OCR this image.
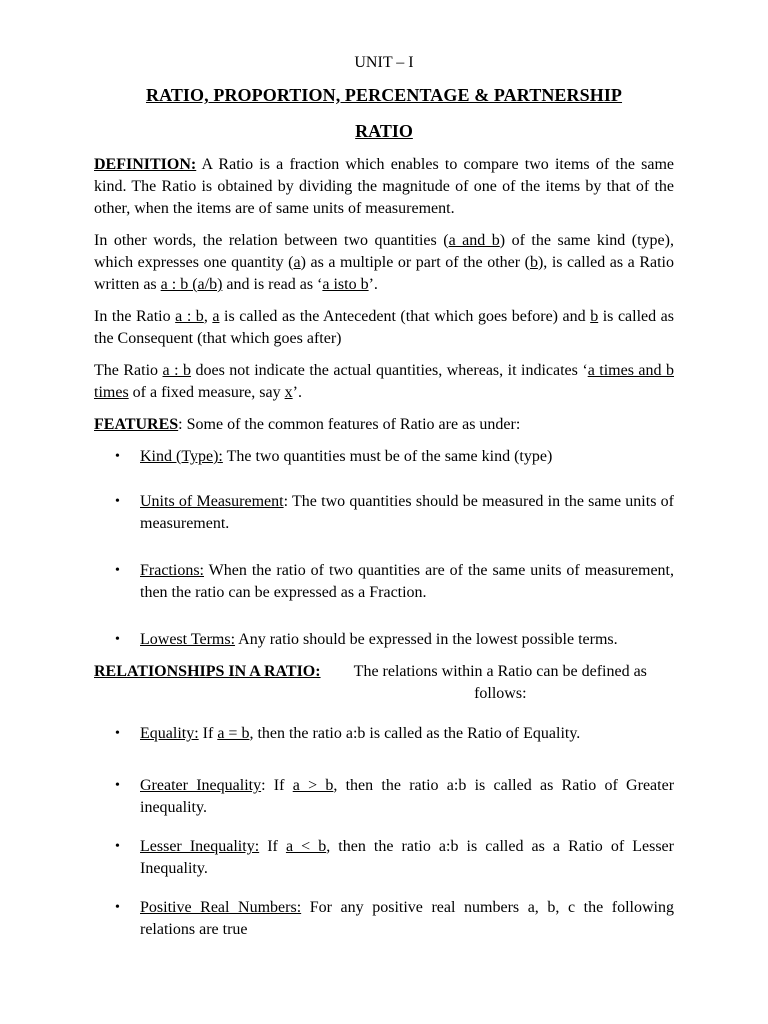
UNIT – I
RATIO, PROPORTION, PERCENTAGE & PARTNERSHIP
RATIO

DEFINITION: A Ratio is a fraction which enables to compare two items of the same kind. The Ratio is obtained by dividing the magnitude of one of the items by that of the other, when the items are of same units of measurement.

In other words, the relation between two quantities (a and b) of the same kind (type), which expresses one quantity (a) as a multiple or part of the other (b), is called as a Ratio written as a : b (a/b) and is read as ‘a isto b’.

In the Ratio a : b, a is called as the Antecedent (that which goes before) and b is called as the Consequent (that which goes after)

The Ratio a : b does not indicate the actual quantities, whereas, it indicates ‘a times and b times of a fixed measure, say x’.

FEATURES: Some of the common features of Ratio are as under:

• Kind (Type): The two quantities must be of the same kind (type)
• Units of Measurement: The two quantities should be measured in the same units of measurement.
• Fractions: When the ratio of two quantities are of the same units of measurement, then the ratio can be expressed as a Fraction.
• Lowest Terms: Any ratio should be expressed in the lowest possible terms.
RELATIONSHIPS IN A RATIO:	The relations within a Ratio can be defined as follows:
• Equality: If a = b, then the ratio a:b is called as the Ratio of Equality.
• Greater Inequality: If a > b, then the ratio a:b is called as Ratio of Greater inequality.
• Lesser Inequality: If a < b, then the ratio a:b is called as a Ratio of Lesser Inequality.
• Positive Real Numbers: For any positive real numbers a, b, c the following relations are true
